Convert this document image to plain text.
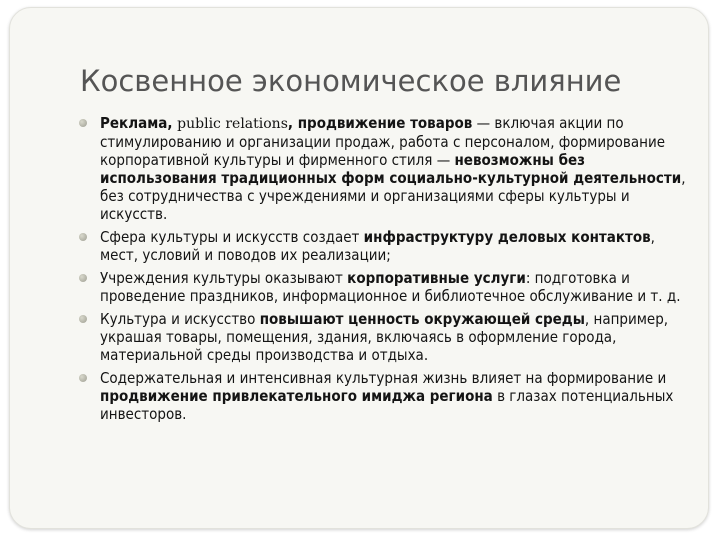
Косвенное экономическое влияние
Реклама, public relations, продвижение товаров — включая акции по стимулированию и организации продаж, работа с персоналом, формирование корпоративной культуры и фирменного стиля — невозможны без использования традиционных форм социально-культурной деятельности, без сотрудничества с учреждениями и организациями сферы культуры и искусств.
Сфера культуры и искусств создает инфраструктуру деловых контактов, мест, условий и поводов их реализации;
Учреждения культуры оказывают корпоративные услуги: подготовка и проведение праздников, информационное и библиотечное обслуживание и т. д.
Культура и искусство повышают ценность окружающей среды, например, украшая товары, помещения, здания, включаясь в оформление города, материальной среды производства и отдыха.
Содержательная и интенсивная культурная жизнь влияет на формирование и продвижение привлекательного имиджа региона в глазах потенциальных инвесторов.
